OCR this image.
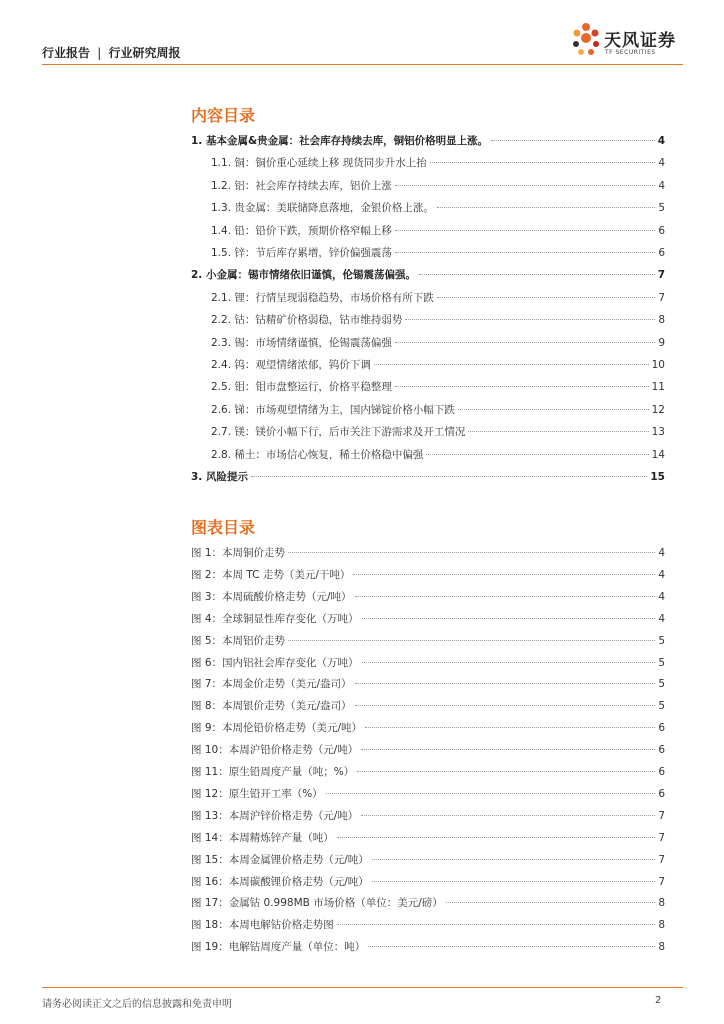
行业报告 | 行业研究周报
天风证券
TF SECURITIES
内容目录
1. 基本金属&贵金属：社会库存持续去库，铜铝价格明显上涨。	4
1.1. 铜：铜价重心延续上移 现货同步升水上抬	4
1.2. 铝：社会库存持续去库，铝价上涨	4
1.3. 贵金属：美联储降息落地，金银价格上涨。	5
1.4. 铅：铅价下跌，预期价格窄幅上移	6
1.5. 锌：节后库存累增，锌价偏强震荡	6
2. 小金属：锡市情绪依旧谨慎，伦锡震荡偏强。	7
2.1. 锂：行情呈现弱稳趋势，市场价格有所下跌	7
2.2. 钴：钴精矿价格弱稳，钴市维持弱势	8
2.3. 锡：市场情绪谨慎，伦锡震荡偏强	9
2.4. 钨：观望情绪浓郁，钨价下调	10
2.5. 钼：钼市盘整运行，价格平稳整理	11
2.6. 锑：市场观望情绪为主，国内锑锭价格小幅下跌	12
2.7. 镁：镁价小幅下行，后市关注下游需求及开工情况	13
2.8. 稀土：市场信心恢复，稀土价格稳中偏强	14
3. 风险提示	15
图表目录
图 1：本周铜价走势	4
图 2：本周 TC 走势（美元/干吨）	4
图 3：本周硫酸价格走势（元/吨）	4
图 4：全球铜显性库存变化（万吨）	4
图 5：本周铝价走势	5
图 6：国内铝社会库存变化（万吨）	5
图 7：本周金价走势（美元/盎司）	5
图 8：本周银价走势（美元/盎司）	5
图 9：本周伦铅价格走势（美元/吨）	6
图 10：本周沪铅价格走势（元/吨）	6
图 11：原生铅周度产量（吨；%）	6
图 12：原生铅开工率（%）	6
图 13：本周沪锌价格走势（元/吨）	7
图 14：本周精炼锌产量（吨）	7
图 15：本周金属锂价格走势（元/吨）	7
图 16：本周碳酸锂价格走势（元/吨）	7
图 17：金属钴 0.998MB 市场价格（单位：美元/磅）	8
图 18：本周电解钴价格走势图	8
图 19：电解钴周度产量（单位：吨）	8
请务必阅读正文之后的信息披露和免责申明	2
